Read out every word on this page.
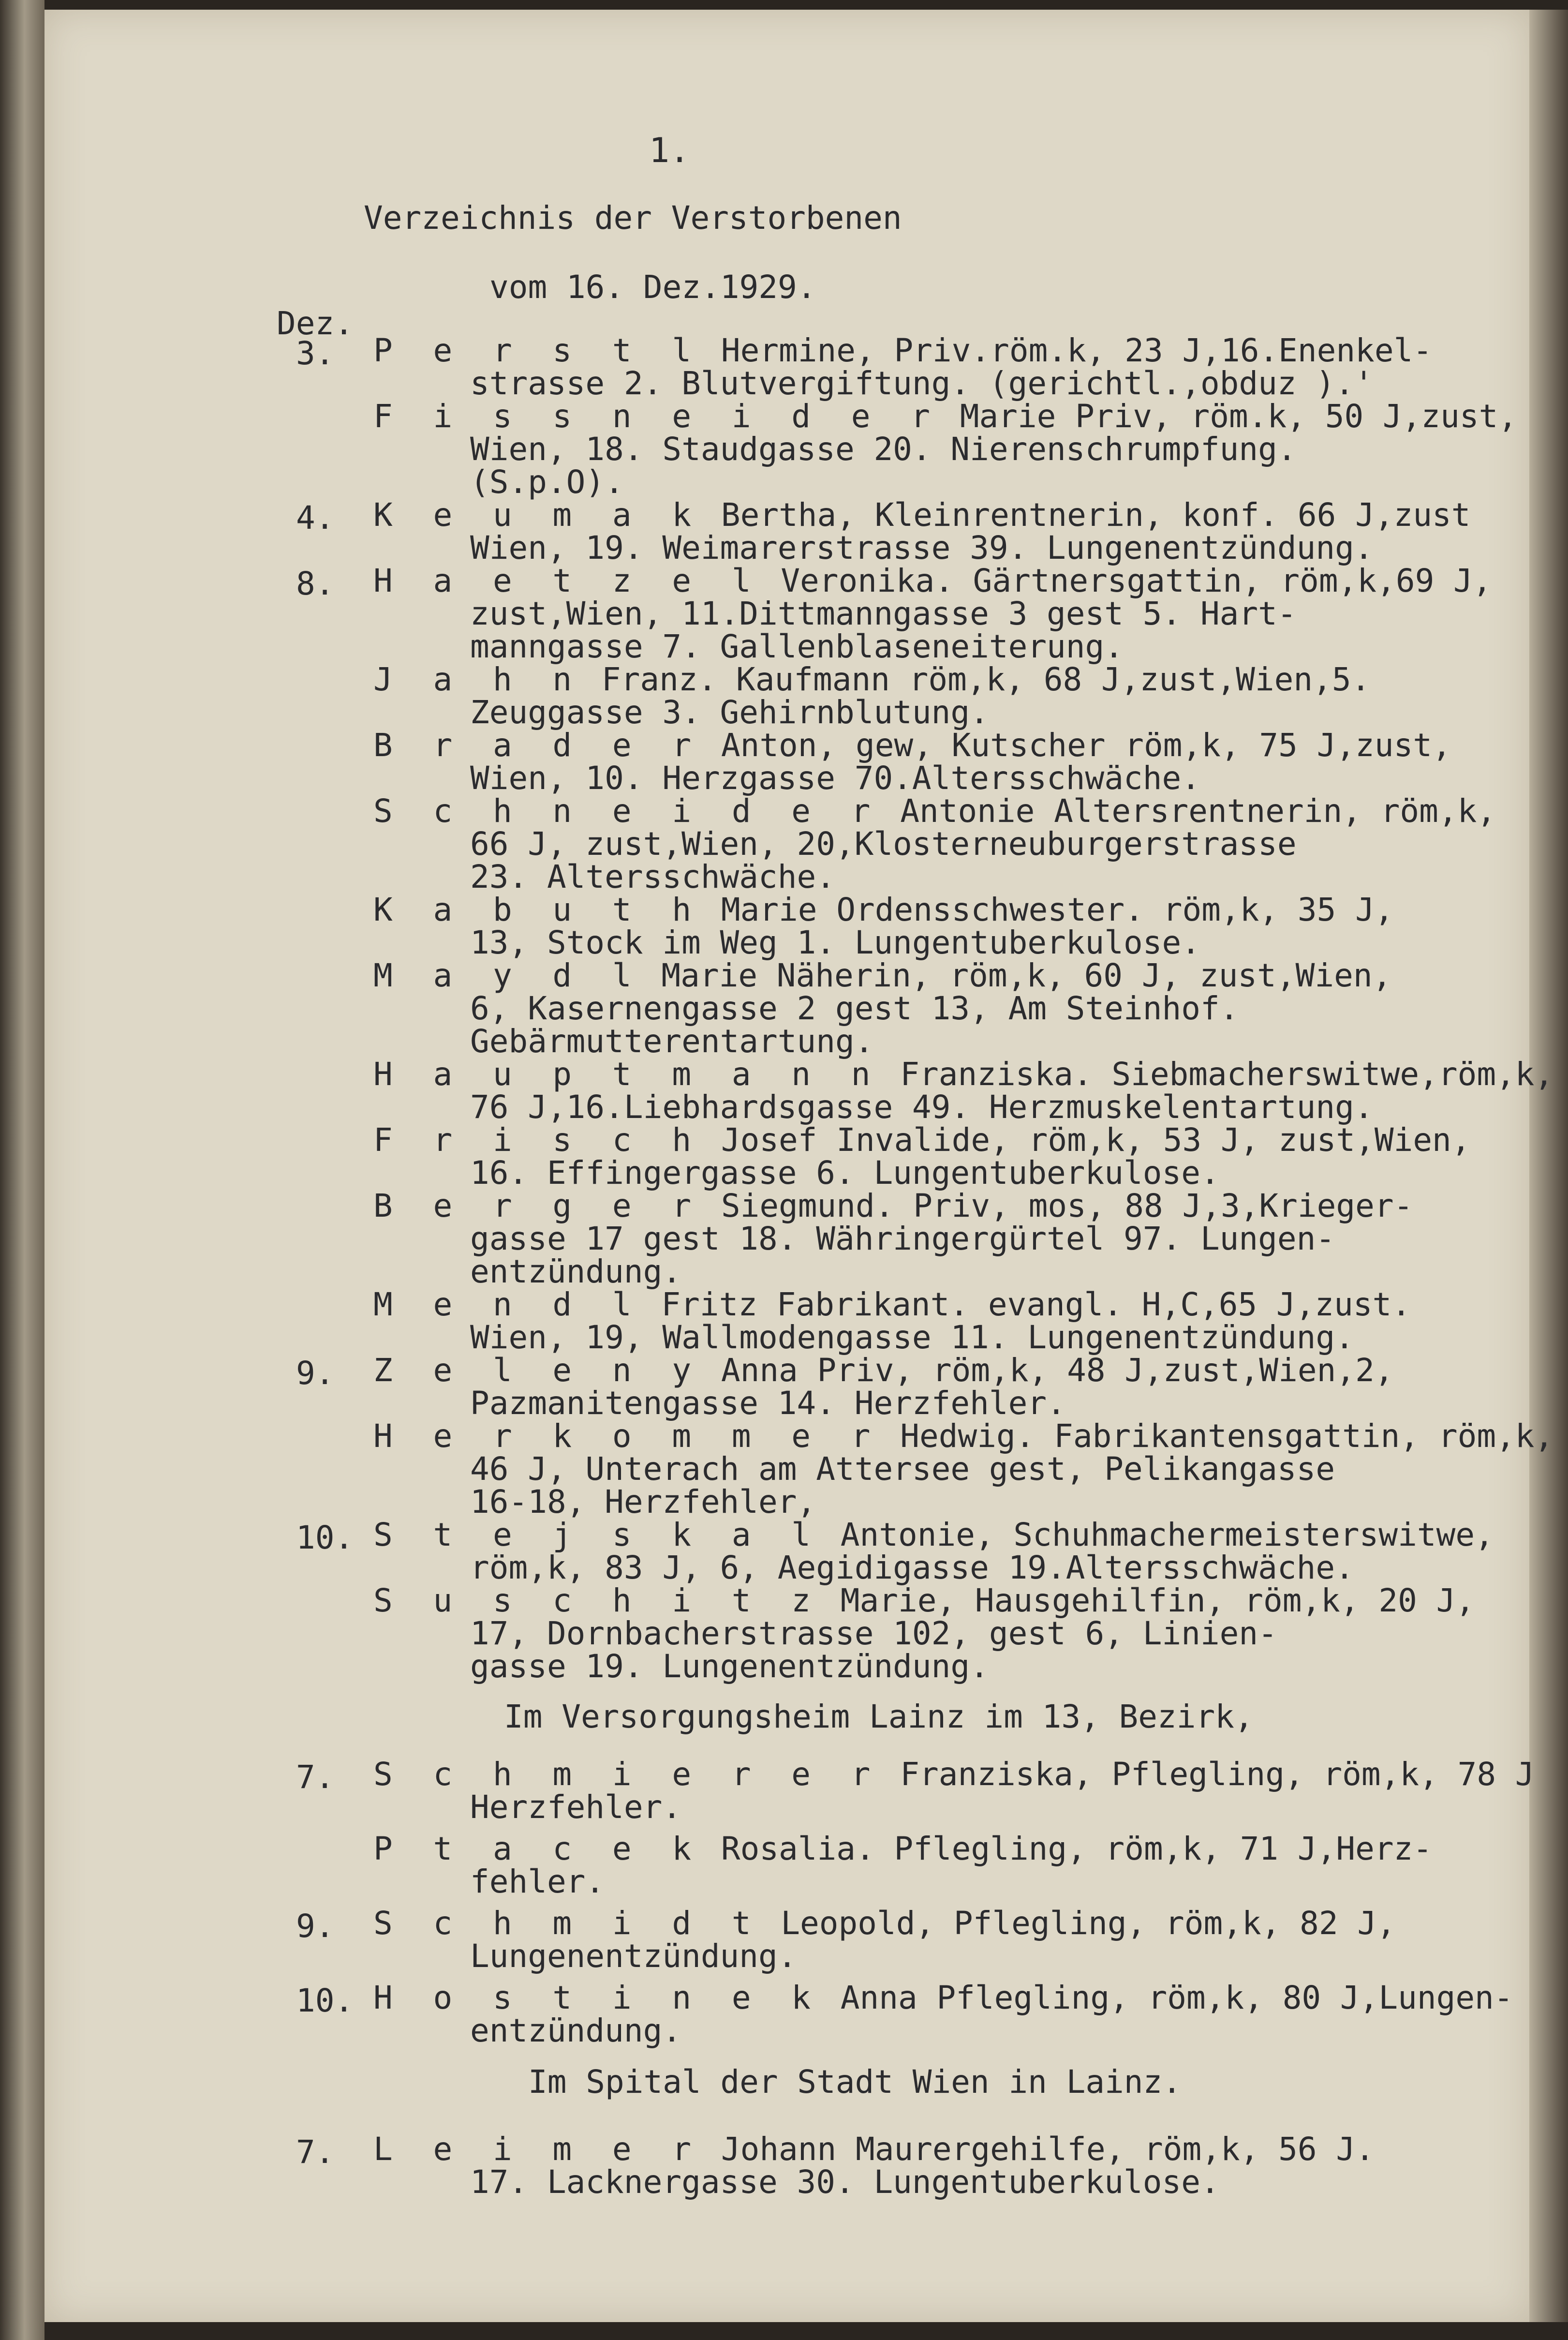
1.
Verzeichnis der Verstorbenen
vom 16. Dez.1929.
Dez.
3. P e r s t l Hermine, Priv.röm.k, 23 J,16.Enenkel-
strasse 2. Blutvergiftung. (gerichtl.,obduz ).'
F i s s n e i d e r Marie Priv, röm.k, 50 J,zust,
Wien, 18. Staudgasse 20. Nierenschrumpfung.
(S.p.O).
4. K e u m a k Bertha, Kleinrentnerin, konf. 66 J,zust
Wien, 19. Weimarerstrasse 39. Lungenentzündung.
8. H a e t z e l Veronika. Gärtnersgattin, röm,k,69 J,
zust,Wien, 11.Dittmanngasse 3 gest 5. Hart-
manngasse 7. Gallenblaseneiterung.
J a h n Franz. Kaufmann röm,k, 68 J,zust,Wien,5.
Zeuggasse 3. Gehirnblutung.
B r a d e r Anton, gew, Kutscher röm,k, 75 J,zust,
Wien, 10. Herzgasse 70.Altersschwäche.
S c h n e i d e r Antonie Altersrentnerin, röm,k,
66 J, zust,Wien, 20,Klosterneuburgerstrasse
23. Altersschwäche.
K a b u t h Marie Ordensschwester. röm,k, 35 J,
13, Stock im Weg 1. Lungentuberkulose.
M a y d l Marie Näherin, röm,k, 60 J, zust,Wien,
6, Kasernengasse 2 gest 13, Am Steinhof.
Gebärmutterentartung.
H a u p t m a n n Franziska. Siebmacherswitwe,röm,k,
76 J,16.Liebhardsgasse 49. Herzmuskelentartung.
F r i s c h Josef Invalide, röm,k, 53 J, zust,Wien,
16. Effingergasse 6. Lungentuberkulose.
B e r g e r Siegmund. Priv, mos, 88 J,3,Krieger-
gasse 17 gest 18. Währingergürtel 97. Lungen-
entzündung.
M e n d l Fritz Fabrikant. evangl. H,C,65 J,zust.
Wien, 19, Wallmodengasse 11. Lungenentzündung.
9. Z e l e n y Anna Priv, röm,k, 48 J,zust,Wien,2,
Pazmanitengasse 14. Herzfehler.
H e r k o m m e r Hedwig. Fabrikantensgattin, röm,k,
46 J, Unterach am Attersee gest, Pelikangasse
16-18, Herzfehler,
10. S t e j s k a l Antonie, Schuhmachermeisterswitwe,
röm,k, 83 J, 6, Aegidigasse 19.Altersschwäche.
S u s c h i t z Marie, Hausgehilfin, röm,k, 20 J,
17, Dornbacherstrasse 102, gest 6, Linien-
gasse 19. Lungenentzündung.
Im Versorgungsheim Lainz im 13, Bezirk,
7. S c h m i e r e r Franziska, Pflegling, röm,k, 78 J
Herzfehler.
P t a c e k Rosalia. Pflegling, röm,k, 71 J,Herz-
fehler.
9. S c h m i d t Leopold, Pflegling, röm,k, 82 J,
Lungenentzündung.
10. H o s t i n e k Anna Pflegling, röm,k, 80 J,Lungen-
entzündung.
Im Spital der Stadt Wien in Lainz.
7. L e i m e r Johann Maurergehilfe, röm,k, 56 J.
17. Lacknergasse 30. Lungentuberkulose.
